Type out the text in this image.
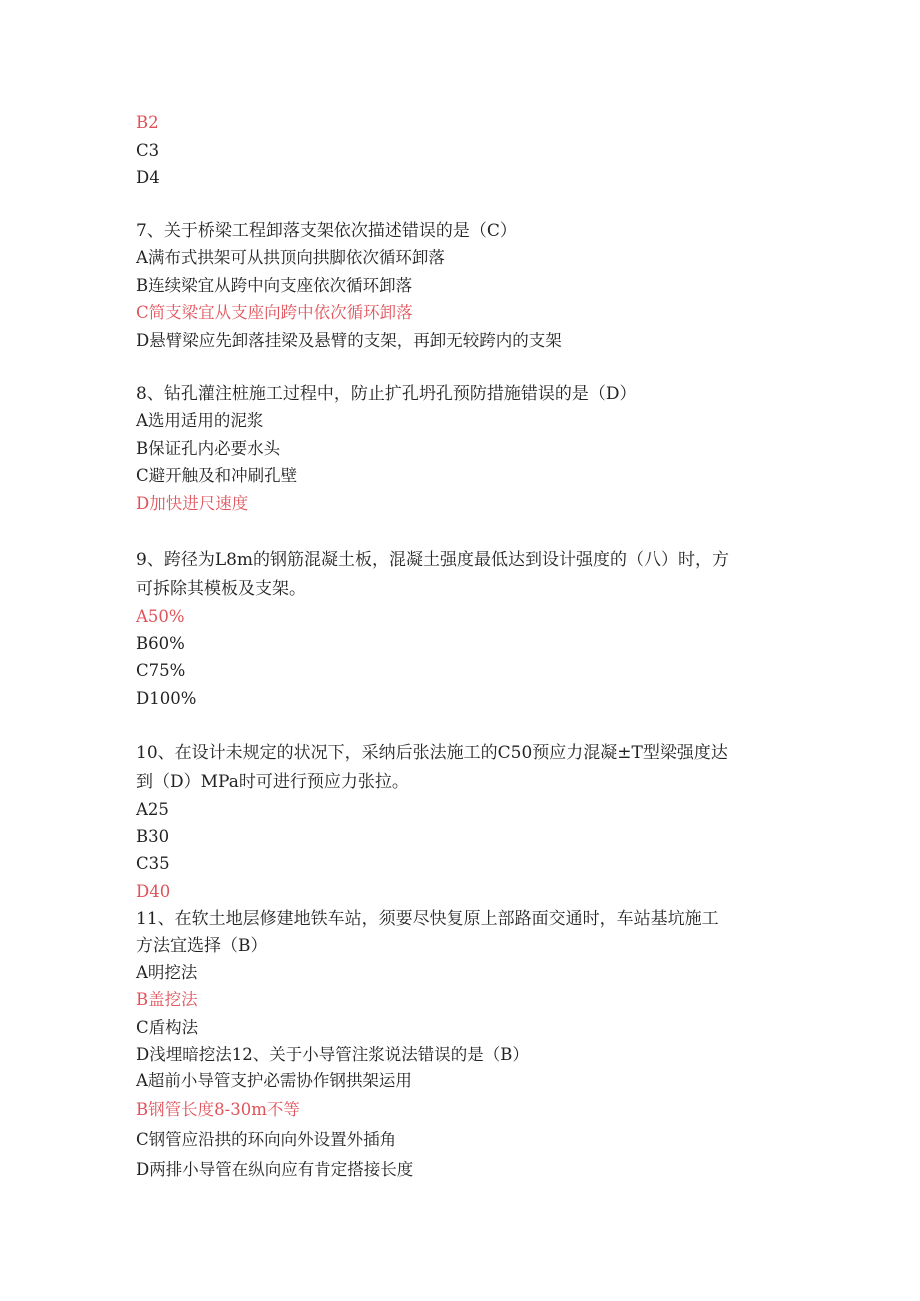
B2
C3
D4
7、关于桥梁工程卸落支架依次描述错误的是（C）
A满布式拱架可从拱顶向拱脚依次循环卸落
B连续梁宜从跨中向支座依次循环卸落
C简支梁宜从支座向跨中依次循环卸落
D悬臂梁应先卸落挂梁及悬臂的支架，再卸无较跨内的支架
8、钻孔灌注桩施工过程中，防止扩孔坍孔预防措施错误的是（D）
A选用适用的泥浆
B保证孔内必要水头
C避开触及和冲刷孔壁
D加快进尺速度
9、跨径为L8m的钢筋混凝土板，混凝土强度最低达到设计强度的（八）时，方
可拆除其模板及支架。
A50%
B60%
C75%
D100%
10、在设计未规定的状况下，采纳后张法施工的C50预应力混凝±T型梁强度达
到（D）MPa时可进行预应力张拉。
A25
B30
C35
D40
11、在软土地层修建地铁车站，须要尽快复原上部路面交通时，车站基坑施工
方法宜选择（B）
A明挖法
B盖挖法
C盾构法
D浅埋暗挖法12、关于小导管注浆说法错误的是（B）
A超前小导管支护必需协作钢拱架运用
B钢管长度8-30m不等
C钢管应沿拱的环向向外设置外插角
D两排小导管在纵向应有肯定搭接长度
